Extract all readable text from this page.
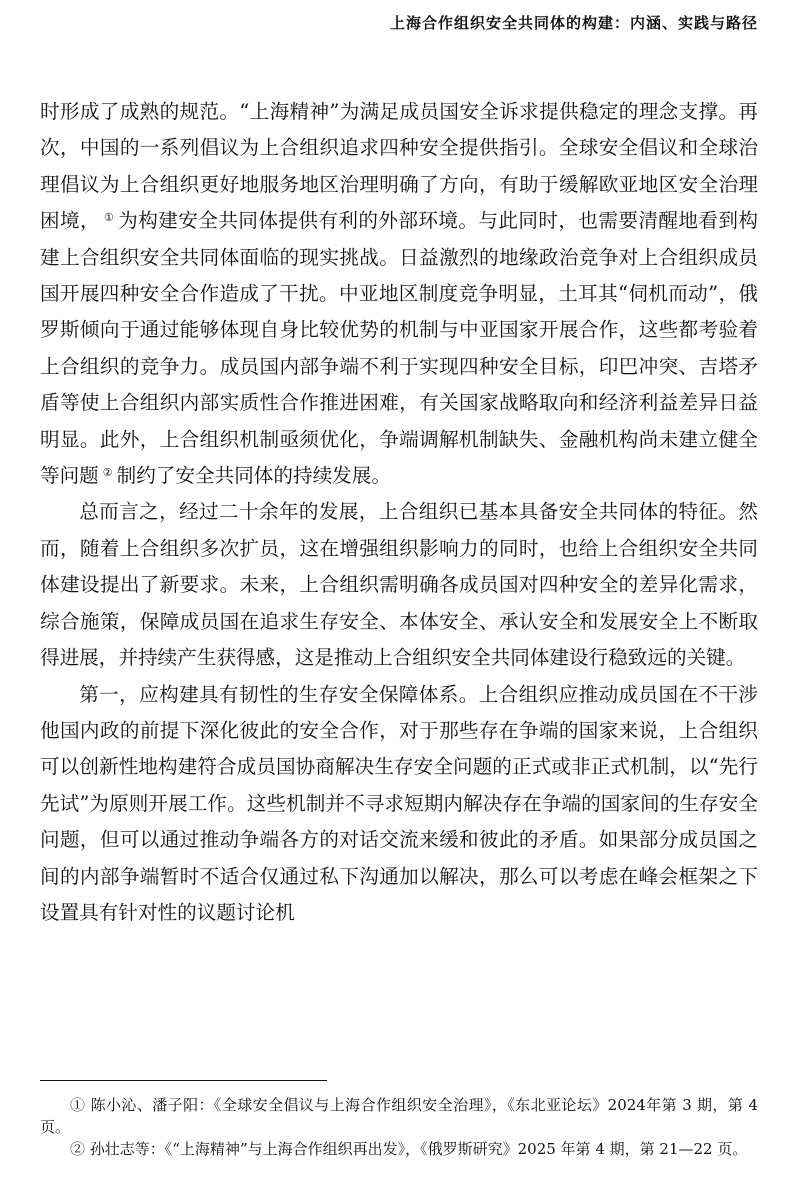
上海合作组织安全共同体的构建：内涵、实践与路径

时形成了成熟的规范。“上海精神”为满足成员国安全诉求提供稳定的理念支撑。再次，中国的一系列倡议为上合组织追求四种安全提供指引。全球安全倡议和全球治理倡议为上合组织更好地服务地区治理明确了方向，有助于缓解欧亚地区安全治理困境， ① 为构建安全共同体提供有利的外部环境。与此同时，也需要清醒地看到构建上合组织安全共同体面临的现实挑战。日益激烈的地缘政治竞争对上合组织成员国开展四种安全合作造成了干扰。中亚地区制度竞争明显，土耳其“伺机而动”，俄罗斯倾向于通过能够体现自身比较优势的机制与中亚国家开展合作，这些都考验着上合组织的竞争力。成员国内部争端不利于实现四种安全目标，印巴冲突、吉塔矛盾等使上合组织内部实质性合作推进困难，有关国家战略取向和经济利益差异日益明显。此外，上合组织机制亟须优化，争端调解机制缺失、金融机构尚未建立健全等问题 ② 制约了安全共同体的持续发展。

总而言之，经过二十余年的发展，上合组织已基本具备安全共同体的特征。然而，随着上合组织多次扩员，这在增强组织影响力的同时，也给上合组织安全共同体建设提出了新要求。未来，上合组织需明确各成员国对四种安全的差异化需求，综合施策，保障成员国在追求生存安全、本体安全、承认安全和发展安全上不断取得进展，并持续产生获得感，这是推动上合组织安全共同体建设行稳致远的关键。

第一，应构建具有韧性的生存安全保障体系。上合组织应推动成员国在不干涉他国内政的前提下深化彼此的安全合作，对于那些存在争端的国家来说，上合组织可以创新性地构建符合成员国协商解决生存安全问题的正式或非正式机制，以“先行先试”为原则开展工作。这些机制并不寻求短期内解决存在争端的国家间的生存安全问题，但可以通过推动争端各方的对话交流来缓和彼此的矛盾。如果部分成员国之间的内部争端暂时不适合仅通过私下沟通加以解决，那么可以考虑在峰会框架之下设置具有针对性的议题讨论机

① 陈小沁、潘子阳：《全球安全倡议与上海合作组织安全治理》，《东北亚论坛》2024年第 3 期，第 4 页。

② 孙壮志等：《“上海精神”与上海合作组织再出发》，《俄罗斯研究》2025 年第 4 期，第 21—22 页。
